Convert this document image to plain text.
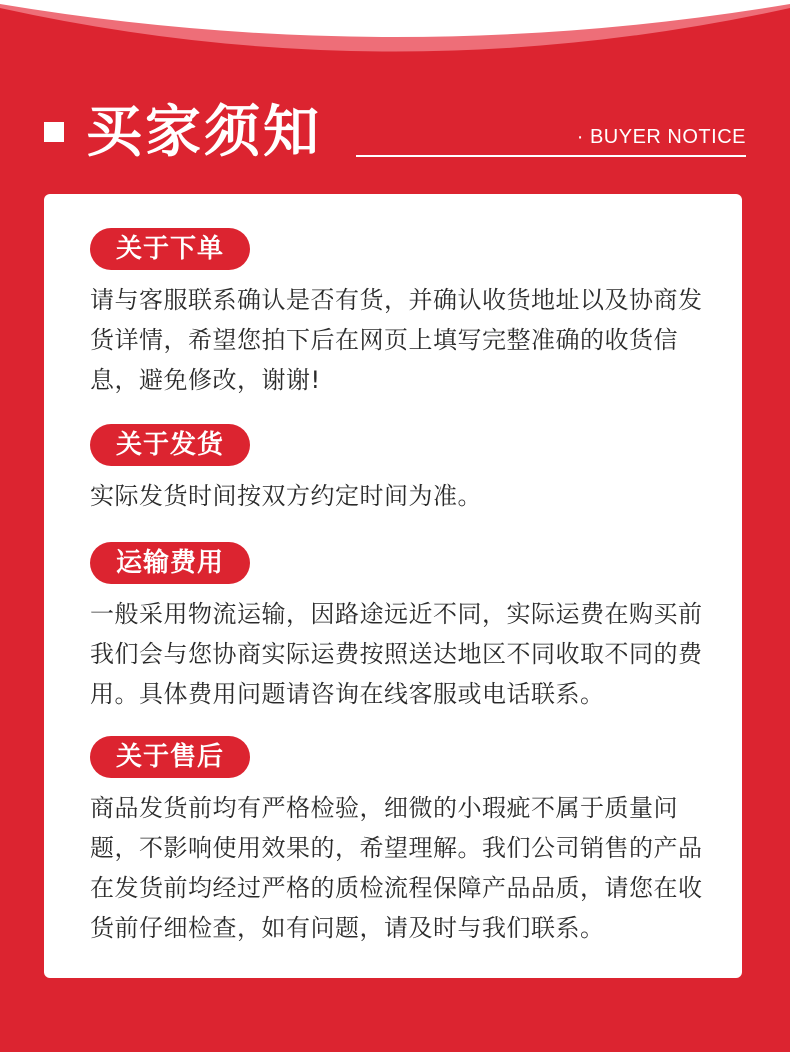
买家须知	· BUYER NOTICE
关于下单
请与客服联系确认是否有货，并确认收货地址以及协商发货详情，希望您拍下后在网页上填写完整准确的收货信息，避免修改，谢谢!
关于发货
实际发货时间按双方约定时间为准。
运输费用
一般采用物流运输，因路途远近不同，实际运费在购买前我们会与您协商实际运费按照送达地区不同收取不同的费用。具体费用问题请咨询在线客服或电话联系。
关于售后
商品发货前均有严格检验，细微的小瑕疵不属于质量问题，不影响使用效果的，希望理解。我们公司销售的产品在发货前均经过严格的质检流程保障产品品质，请您在收货前仔细检查，如有问题，请及时与我们联系。
